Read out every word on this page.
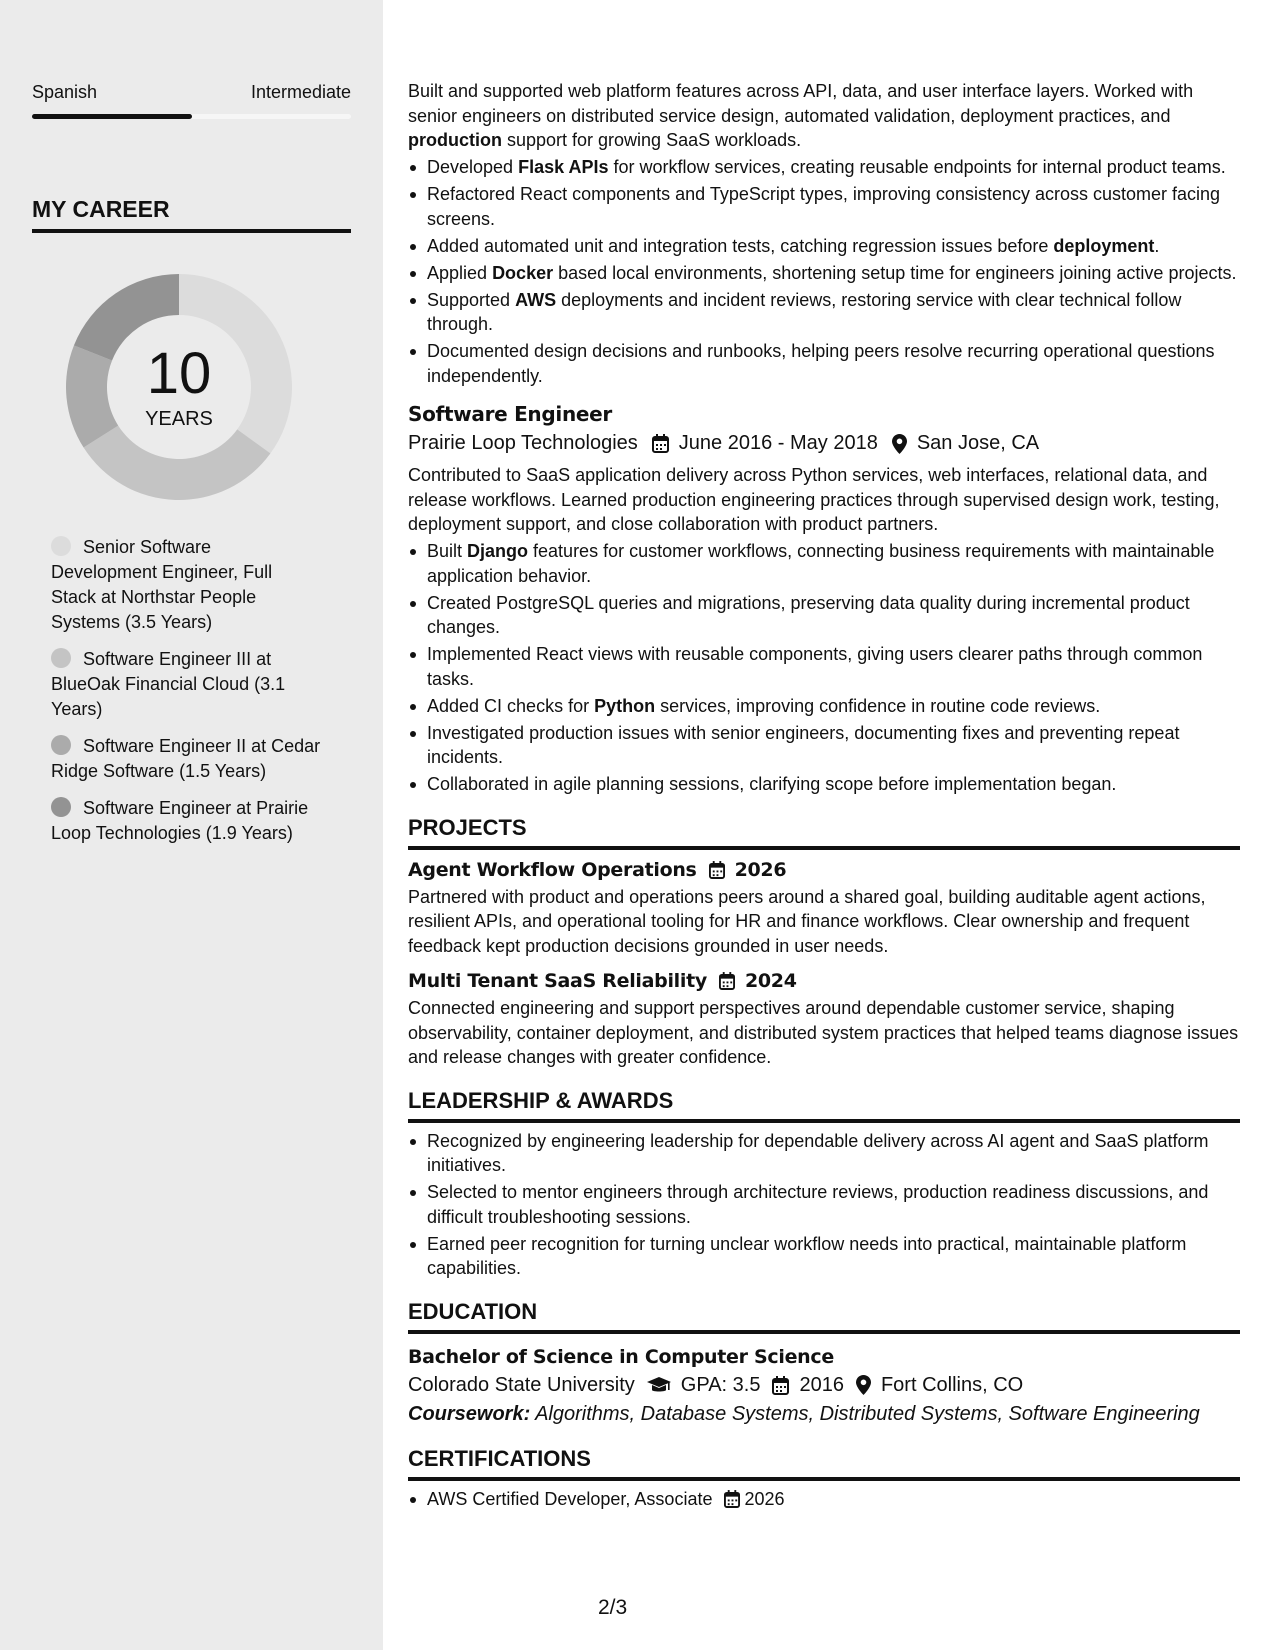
Spanish	Intermediate
MY CAREER
10
YEARS
Senior Software Development Engineer, Full Stack at Northstar People Systems (3.5 Years)
Software Engineer III at BlueOak Financial Cloud (3.1 Years)
Software Engineer II at Cedar Ridge Software (1.5 Years)
Software Engineer at Prairie Loop Technologies (1.9 Years)
Built and supported web platform features across API, data, and user interface layers. Worked with senior engineers on distributed service design, automated validation, deployment practices, and production support for growing SaaS workloads.
Developed Flask APIs for workflow services, creating reusable endpoints for internal product teams.
Refactored React components and TypeScript types, improving consistency across customer facing screens.
Added automated unit and integration tests, catching regression issues before deployment.
Applied Docker based local environments, shortening setup time for engineers joining active projects.
Supported AWS deployments and incident reviews, restoring service with clear technical follow through.
Documented design decisions and runbooks, helping peers resolve recurring operational questions independently.
Software Engineer
Prairie Loop Technologies June 2016 - May 2018 San Jose, CA
Contributed to SaaS application delivery across Python services, web interfaces, relational data, and release workflows. Learned production engineering practices through supervised design work, testing, deployment support, and close collaboration with product partners.
Built Django features for customer workflows, connecting business requirements with maintainable application behavior.
Created PostgreSQL queries and migrations, preserving data quality during incremental product changes.
Implemented React views with reusable components, giving users clearer paths through common tasks.
Added CI checks for Python services, improving confidence in routine code reviews.
Investigated production issues with senior engineers, documenting fixes and preventing repeat incidents.
Collaborated in agile planning sessions, clarifying scope before implementation began.
PROJECTS
Agent Workflow Operations 2026
Partnered with product and operations peers around a shared goal, building auditable agent actions, resilient APIs, and operational tooling for HR and finance workflows. Clear ownership and frequent feedback kept production decisions grounded in user needs.
Multi Tenant SaaS Reliability 2024
Connected engineering and support perspectives around dependable customer service, shaping observability, container deployment, and distributed system practices that helped teams diagnose issues and release changes with greater confidence.
LEADERSHIP & AWARDS
Recognized by engineering leadership for dependable delivery across AI agent and SaaS platform initiatives.
Selected to mentor engineers through architecture reviews, production readiness discussions, and difficult troubleshooting sessions.
Earned peer recognition for turning unclear workflow needs into practical, maintainable platform capabilities.
EDUCATION
Bachelor of Science in Computer Science
Colorado State University GPA: 3.5 2016 Fort Collins, CO
Coursework: Algorithms, Database Systems, Distributed Systems, Software Engineering
CERTIFICATIONS
AWS Certified Developer, Associate 2026
2/3
